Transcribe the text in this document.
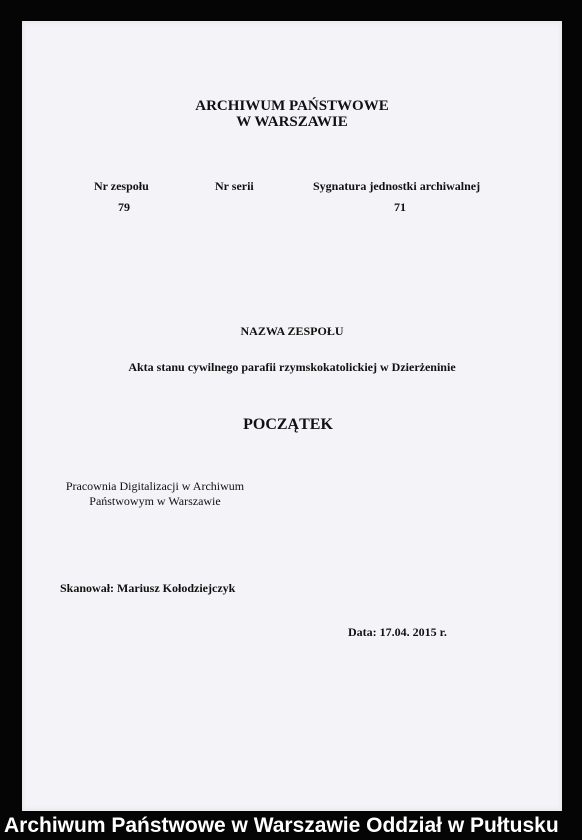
ARCHIWUM PAŃSTWOWE
W WARSZAWIE
Nr zespołu
79
Nr serii	Sygnatura jednostki archiwalnej
71
NAZWA ZESPOŁU
Akta stanu cywilnego parafii rzymskokatolickiej w Dzierżeninie
POCZĄTEK
Pracownia Digitalizacji w Archiwum
Państwowym w Warszawie
Skanował: Mariusz Kołodziejczyk
Data: 17.04. 2015 r.
Archiwum Państwowe w Warszawie Oddział w Pułtusku
